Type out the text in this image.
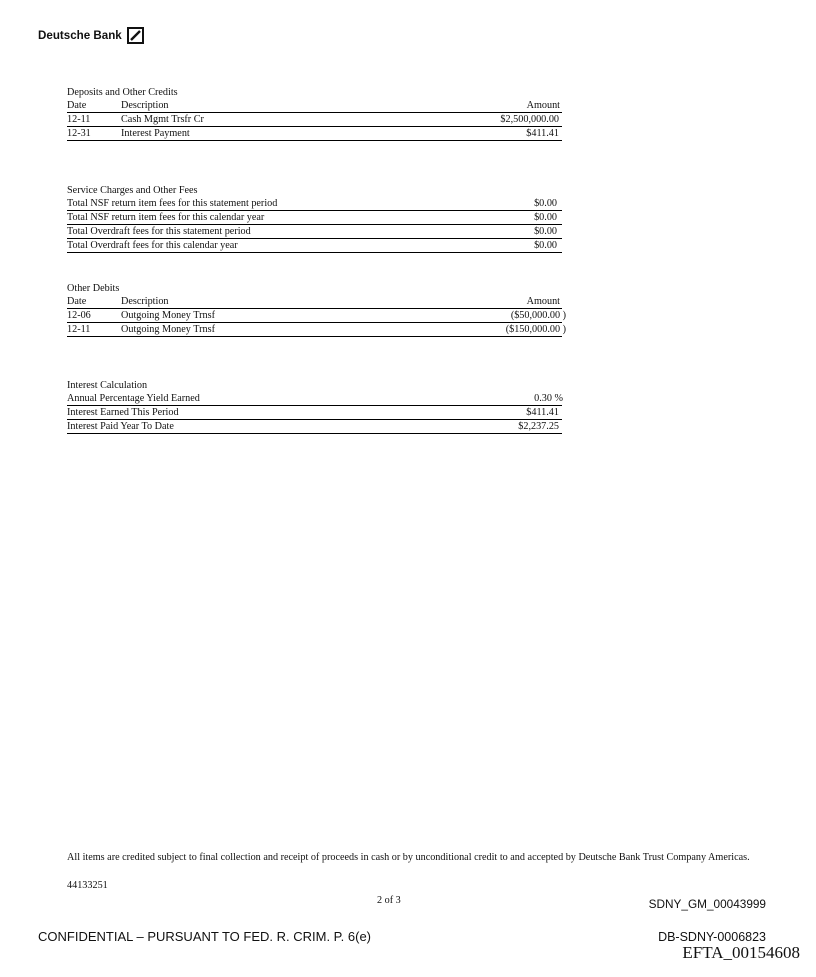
Deutsche Bank
Deposits and Other Credits
Date	Description	Amount
12-11	Cash Mgmt Trsfr Cr	$2,500,000.00
12-31	Interest Payment	$411.41
Service Charges and Other Fees
Total NSF return item fees for this statement period	$0.00
Total NSF return item fees for this calendar year	$0.00
Total Overdraft fees for this statement period	$0.00
Total Overdraft fees for this calendar year	$0.00
Other Debits
Date	Description	Amount
12-06	Outgoing Money Trnsf	($50,000.00 )
12-11	Outgoing Money Trnsf	($150,000.00 )
Interest Calculation
Annual Percentage Yield Earned	0.30 %
Interest Earned This Period	$411.41
Interest Paid Year To Date	$2,237.25
All items are credited subject to final collection and receipt of proceeds in cash or by unconditional credit to and accepted by Deutsche Bank Trust Company Americas.
44133251
2 of 3	SDNY_GM_00043999
CONFIDENTIAL – PURSUANT TO FED. R. CRIM. P. 6(e)	DB-SDNY-0006823
EFTA_00154608
